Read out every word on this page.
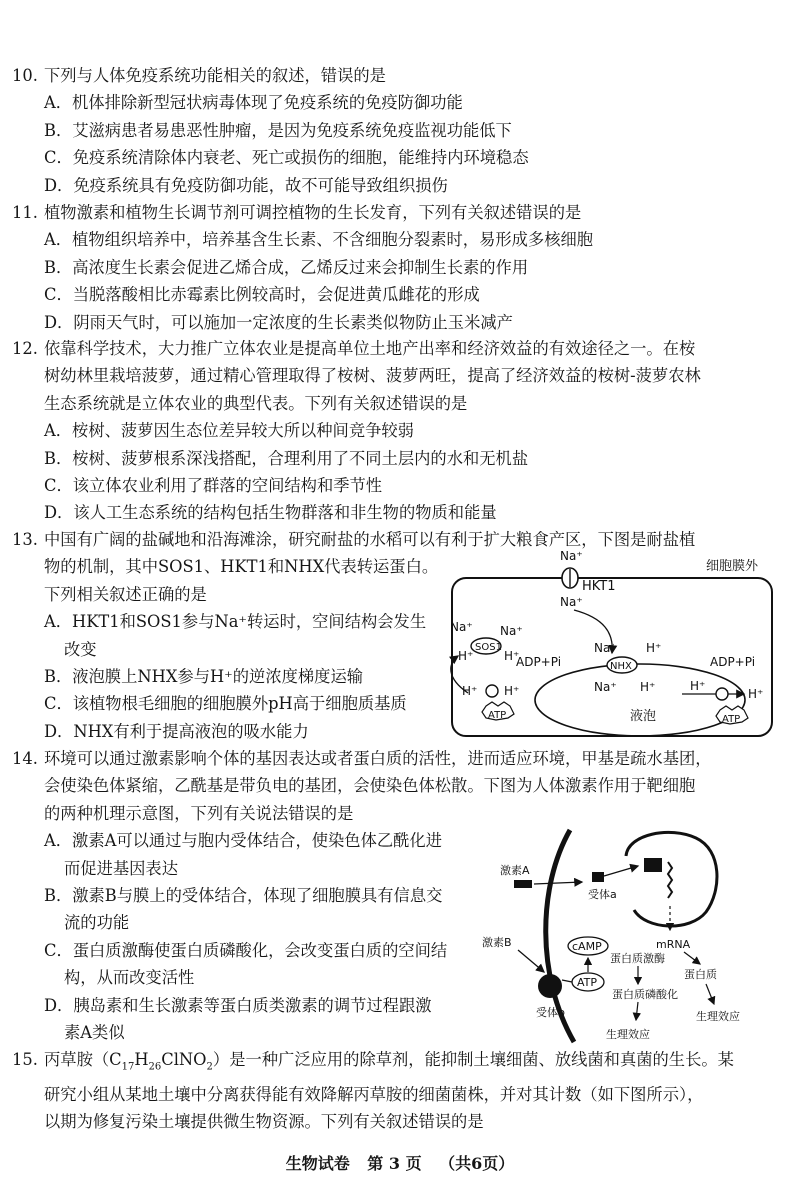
10. 下列与人体免疫系统功能相关的叙述，错误的是
A．机体排除新型冠状病毒体现了免疫系统的免疫防御功能
B．艾滋病患者易患恶性肿瘤，是因为免疫系统免疫监视功能低下
C．免疫系统清除体内衰老、死亡或损伤的细胞，能维持内环境稳态
D．免疫系统具有免疫防御功能，故不可能导致组织损伤
11. 植物激素和植物生长调节剂可调控植物的生长发育，下列有关叙述错误的是
A．植物组织培养中，培养基含生长素、不含细胞分裂素时，易形成多核细胞
B．高浓度生长素会促进乙烯合成，乙烯反过来会抑制生长素的作用
C．当脱落酸相比赤霉素比例较高时，会促进黄瓜雌花的形成
D．阴雨天气时，可以施加一定浓度的生长素类似物防止玉米减产
12. 依靠科学技术，大力推广立体农业是提高单位土地产出率和经济效益的有效途径之一。在桉
树幼林里栽培菠萝，通过精心管理取得了桉树、菠萝两旺，提高了经济效益的桉树-菠萝农林
生态系统就是立体农业的典型代表。下列有关叙述错误的是
A．桉树、菠萝因生态位差异较大所以种间竞争较弱
B．桉树、菠萝根系深浅搭配，合理利用了不同土层内的水和无机盐
C．该立体农业利用了群落的空间结构和季节性
D．该人工生态系统的结构包括生物群落和非生物的物质和能量
13. 中国有广阔的盐碱地和沿海滩涂，研究耐盐的水稻可以有利于扩大粮食产区，下图是耐盐植
物的机制，其中SOS1、HKT1和NHX代表转运蛋白。
下列相关叙述正确的是
A．HKT1和SOS1参与Na⁺转运时，空间结构会发生
改变
B．液泡膜上NHX参与H⁺的逆浓度梯度运输
C．该植物根毛细胞的细胞膜外pH高于细胞质基质
D．NHX有利于提高液泡的吸水能力
细胞膜外
Na⁺
HKT1
Na⁺
SOS1
Na⁺ Na⁺
H⁺	H⁺
ADP+Pi
H⁺ H⁺
ATP	液泡
Na⁺ H⁺
NHX
Na⁺ H⁺
ADP+Pi
H⁺
H⁺
ATP
14. 环境可以通过激素影响个体的基因表达或者蛋白质的活性，进而适应环境，甲基是疏水基团，
会使染色体紧缩，乙酰基是带负电的基团，会使染色体松散。下图为人体激素作用于靶细胞
的两种机理示意图，下列有关说法错误的是
A．激素A可以通过与胞内受体结合，使染色体乙酰化进
而促进基因表达
B．激素B与膜上的受体结合，体现了细胞膜具有信息交
流的功能
C．蛋白质激酶使蛋白质磷酸化，会改变蛋白质的空间结
构，从而改变活性
D．胰岛素和生长激素等蛋白质类激素的调节过程跟激
素A类似
激素A
受体a
mRNA
蛋白质
生理效应
激素B
受体b
cAMP
ATP
蛋白质激酶
蛋白质磷酸化
生理效应
15. 丙草胺$(C_{17}H_{26}ClNO_2)$是一种广泛应用的除草剂，能抑制土壤细菌、放线菌和真菌的生长。某
研究小组从某地土壤中分离获得能有效降解丙草胺的细菌菌株，并对其计数（如下图所示），
以期为修复污染土壤提供微生物资源。下列有关叙述错误的是
生物试卷 第 3 页 （共6页）
